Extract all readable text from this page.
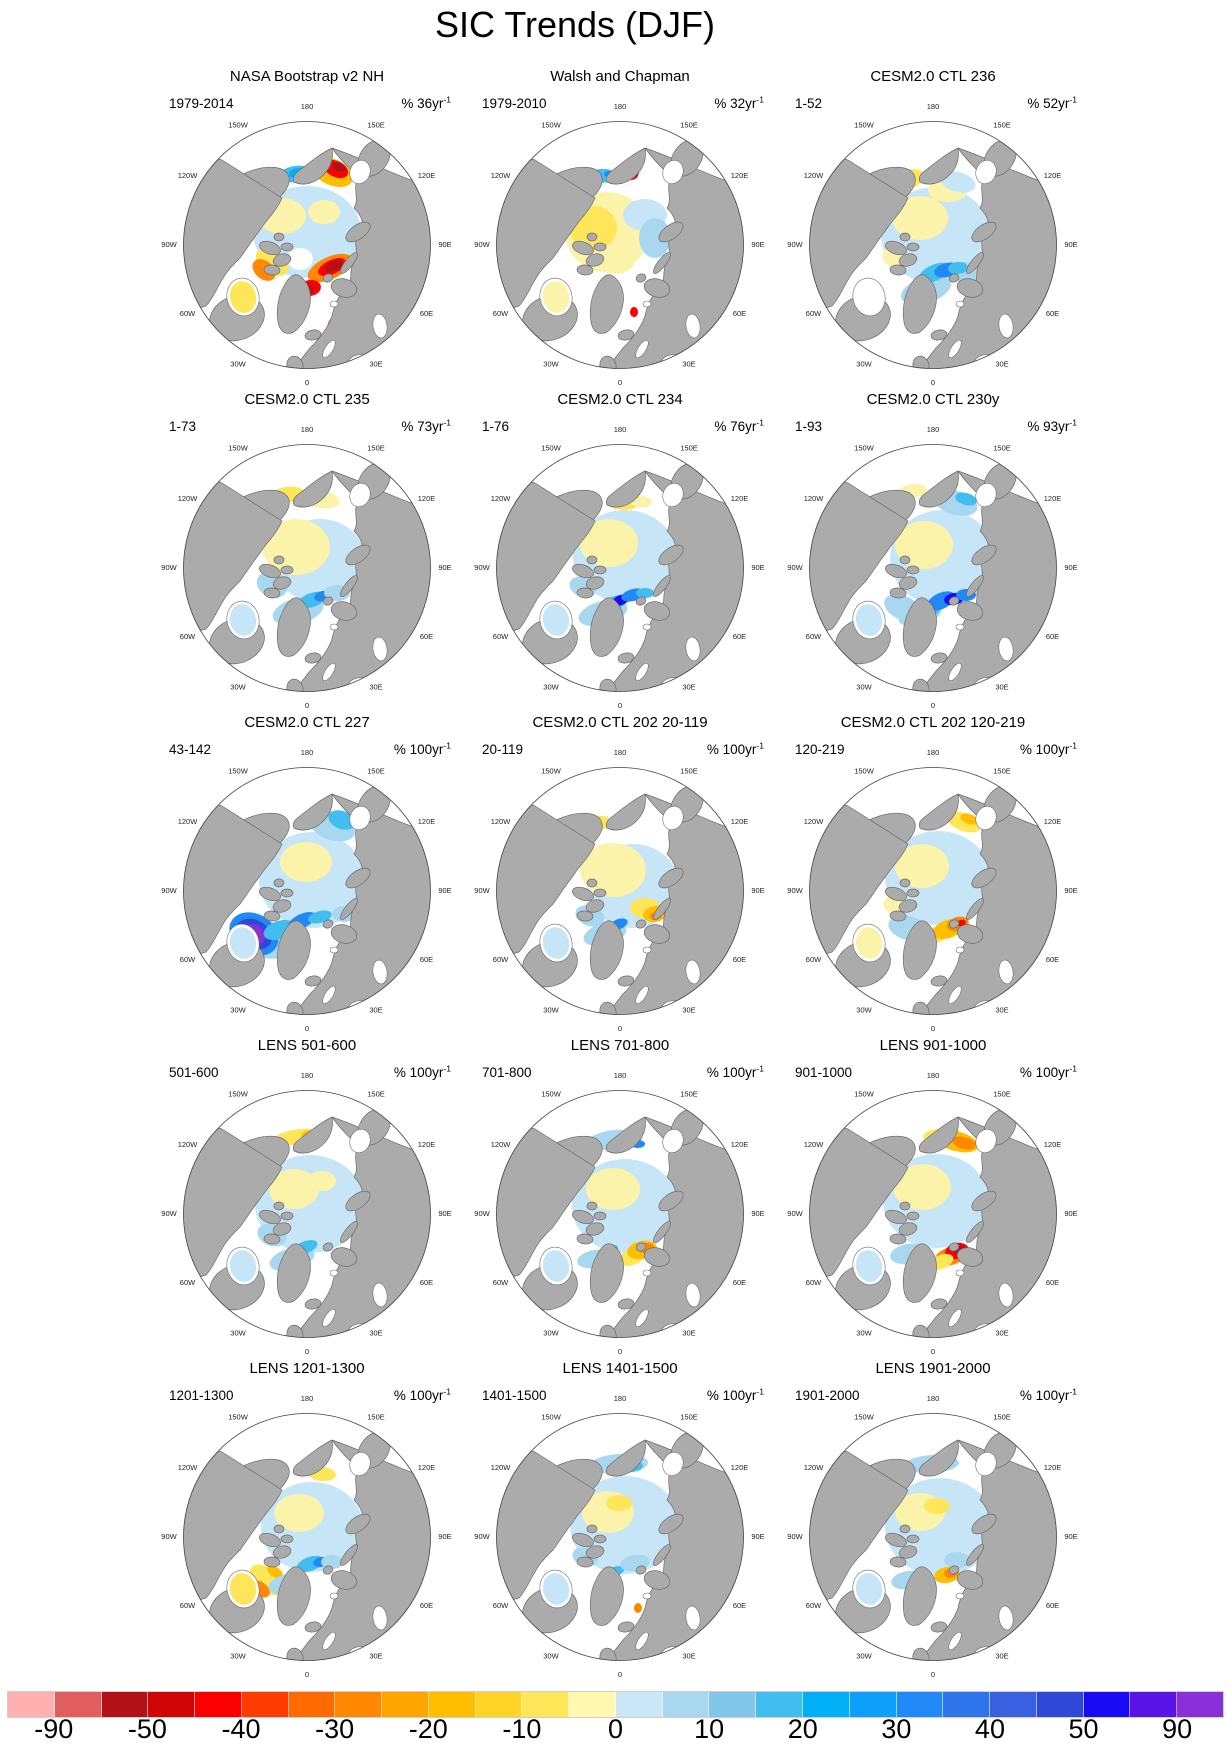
SIC Trends (DJF)
NASA Bootstrap v2 NH
1979-2014	% $36yr^{-1}$
180
150E
120E
90E
60E
30E
0
30W
60W
90W
120W
150W
Walsh and Chapman
1979-2010	% $32yr^{-1}$
180
150E
120E
90E
60E
30E
0
30W
60W
90W
120W
150W
CESM2.0 CTL 236
1-52	% $52yr^{-1}$
180
150E
120E
90E
60E
30E
0
30W
60W
90W
120W
150W
CESM2.0 CTL 235
1-73	% $73yr^{-1}$
180
150E
120E
90E
60E
30E
0
30W
60W
90W
120W
150W
CESM2.0 CTL 234
1-76	% $76yr^{-1}$
180
150E
120E
90E
60E
30E
0
30W
60W
90W
120W
150W
CESM2.0 CTL 230y
1-93	% $93yr^{-1}$
180
150E
120E
90E
60E
30E
0
30W
60W
90W
120W
150W
CESM2.0 CTL 227
43-142	% $100yr^{-1}$
180
150E
120E
90E
60E
30E
0
30W
60W
90W
120W
150W
CESM2.0 CTL 202 20-119
20-119	% $100yr^{-1}$
180
150E
120E
90E
60E
30E
0
30W
60W
90W
120W
150W
CESM2.0 CTL 202 120-219
120-219	% $100yr^{-1}$
180
150E
120E
90E
60E
30E
0
30W
60W
90W
120W
150W
LENS 501-600
501-600	% $100yr^{-1}$
180
150E
120E
90E
60E
30E
0
30W
60W
90W
120W
150W
LENS 701-800
701-800	% $100yr^{-1}$
180
150E
120E
90E
60E
30E
0
30W
60W
90W
120W
150W
LENS 901-1000
901-1000	% $100yr^{-1}$
180
150E
120E
90E
60E
30E
0
30W
60W
90W
120W
150W
LENS 1201-1300
1201-1300	% $100yr^{-1}$
180
150E
120E
90E
60E
30E
0
30W
60W
90W
120W
150W
LENS 1401-1500
1401-1500	% $100yr^{-1}$
180
150E
120E
90E
60E
30E
0
30W
60W
90W
120W
150W
LENS 1901-2000
1901-2000	% $100yr^{-1}$
180
150E
120E
90E
60E
30E
0
30W
60W
90W
120W
150W
-90 -50 -40 -30 -20 -10 0	10 20 30 40 50 90
